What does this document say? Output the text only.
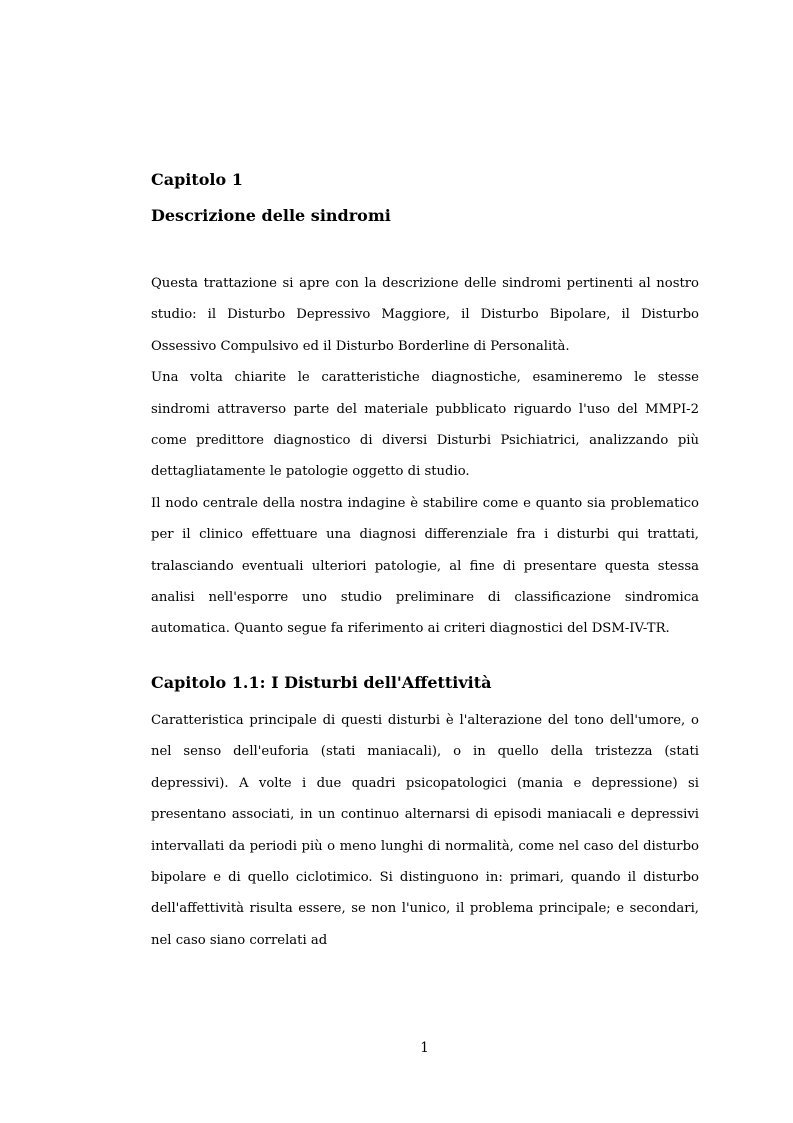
Capitolo 1
Descrizione delle sindromi

Questa trattazione si apre con la descrizione delle sindromi pertinenti al nostro studio: il Disturbo Depressivo Maggiore, il Disturbo Bipolare, il Disturbo Ossessivo Compulsivo ed il Disturbo Borderline di Personalità.

Una volta chiarite le caratteristiche diagnostiche, esamineremo le stesse sindromi attraverso parte del materiale pubblicato riguardo l'uso del MMPI-2 come predittore diagnostico di diversi Disturbi Psichiatrici, analizzando più dettagliatamente le patologie oggetto di studio.

Il nodo centrale della nostra indagine è stabilire come e quanto sia problematico per il clinico effettuare una diagnosi differenziale fra i disturbi qui trattati, tralasciando eventuali ulteriori patologie, al fine di presentare questa stessa analisi nell'esporre uno studio preliminare di classificazione sindromica automatica. Quanto segue fa riferimento ai criteri diagnostici del DSM-IV-TR.

Capitolo 1.1: I Disturbi dell'Affettività

Caratteristica principale di questi disturbi è l'alterazione del tono dell'umore, o nel senso dell'euforia (stati maniacali), o in quello della tristezza (stati depressivi). A volte i due quadri psicopatologici (mania e depressione) si presentano associati, in un continuo alternarsi di episodi maniacali e depressivi intervallati da periodi più o meno lunghi di normalità, come nel caso del disturbo bipolare e di quello ciclotimico. Si distinguono in: primari, quando il disturbo dell'affettività risulta essere, se non l'unico, il problema principale; e secondari, nel caso siano correlati ad

1
